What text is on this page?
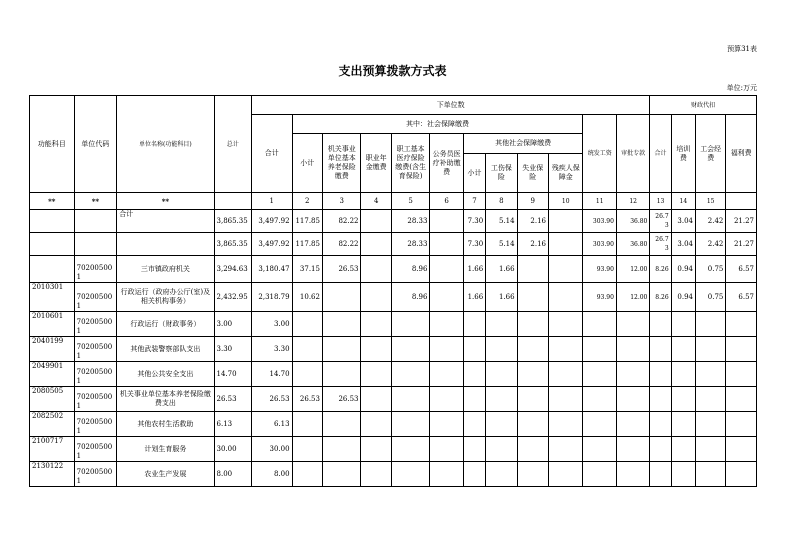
预算31表
支出预算拨款方式表
单位:万元
功能科目	单位代码	单位名称(功能科目)	总计	下单位数												财政代扣			
				合计	其中：社会保障缴费									统发工资	审批专款	合计	培训费	工会经费	福利费
					小计	机关事业单位基本养老保险缴费	职业年金缴费	职工基本医疗保险缴费(含生育保险)	公务员医疗补助缴费	其他社会保障缴费									
										小计	工伤保险	失业保险	残疾人保障金						
**	**	**		1	2	3	4	5	6	7	8	9	10	11	12	13	14	15	
		合计	3,865.35	3,497.92	117.85	82.22		28.33		7.30	5.14	2.16		303.90	36.80	26.73	3.04	2.42	21.27
			3,865.35	3,497.92	117.85	82.22		28.33		7.30	5.14	2.16		303.90	36.80	26.73	3.04	2.42	21.27
	702005001	三市镇政府机关	3,294.63	3,180.47	37.15	26.53		8.96		1.66	1.66			93.90	12.00	8.26	0.94	0.75	6.57
2010301	702005001	行政运行（政府办公厅(室)及相关机构事务）	2,432.95	2,318.79	10.62			8.96		1.66	1.66			93.90	12.00	8.26	0.94	0.75	6.57
2010601	702005001	行政运行（财政事务）	3.00	3.00															
2040199	702005001	其他武装警察部队支出	3.30	3.30															
2049901	702005001	其他公共安全支出	14.70	14.70															
2080505	702005001	机关事业单位基本养老保险缴费支出	26.53	26.53	26.53	26.53													
2082502	702005001	其他农村生活救助	6.13	6.13															
2100717	702005001	计划生育服务	30.00	30.00															
2130122	702005001	农业生产发展	8.00	8.00															
